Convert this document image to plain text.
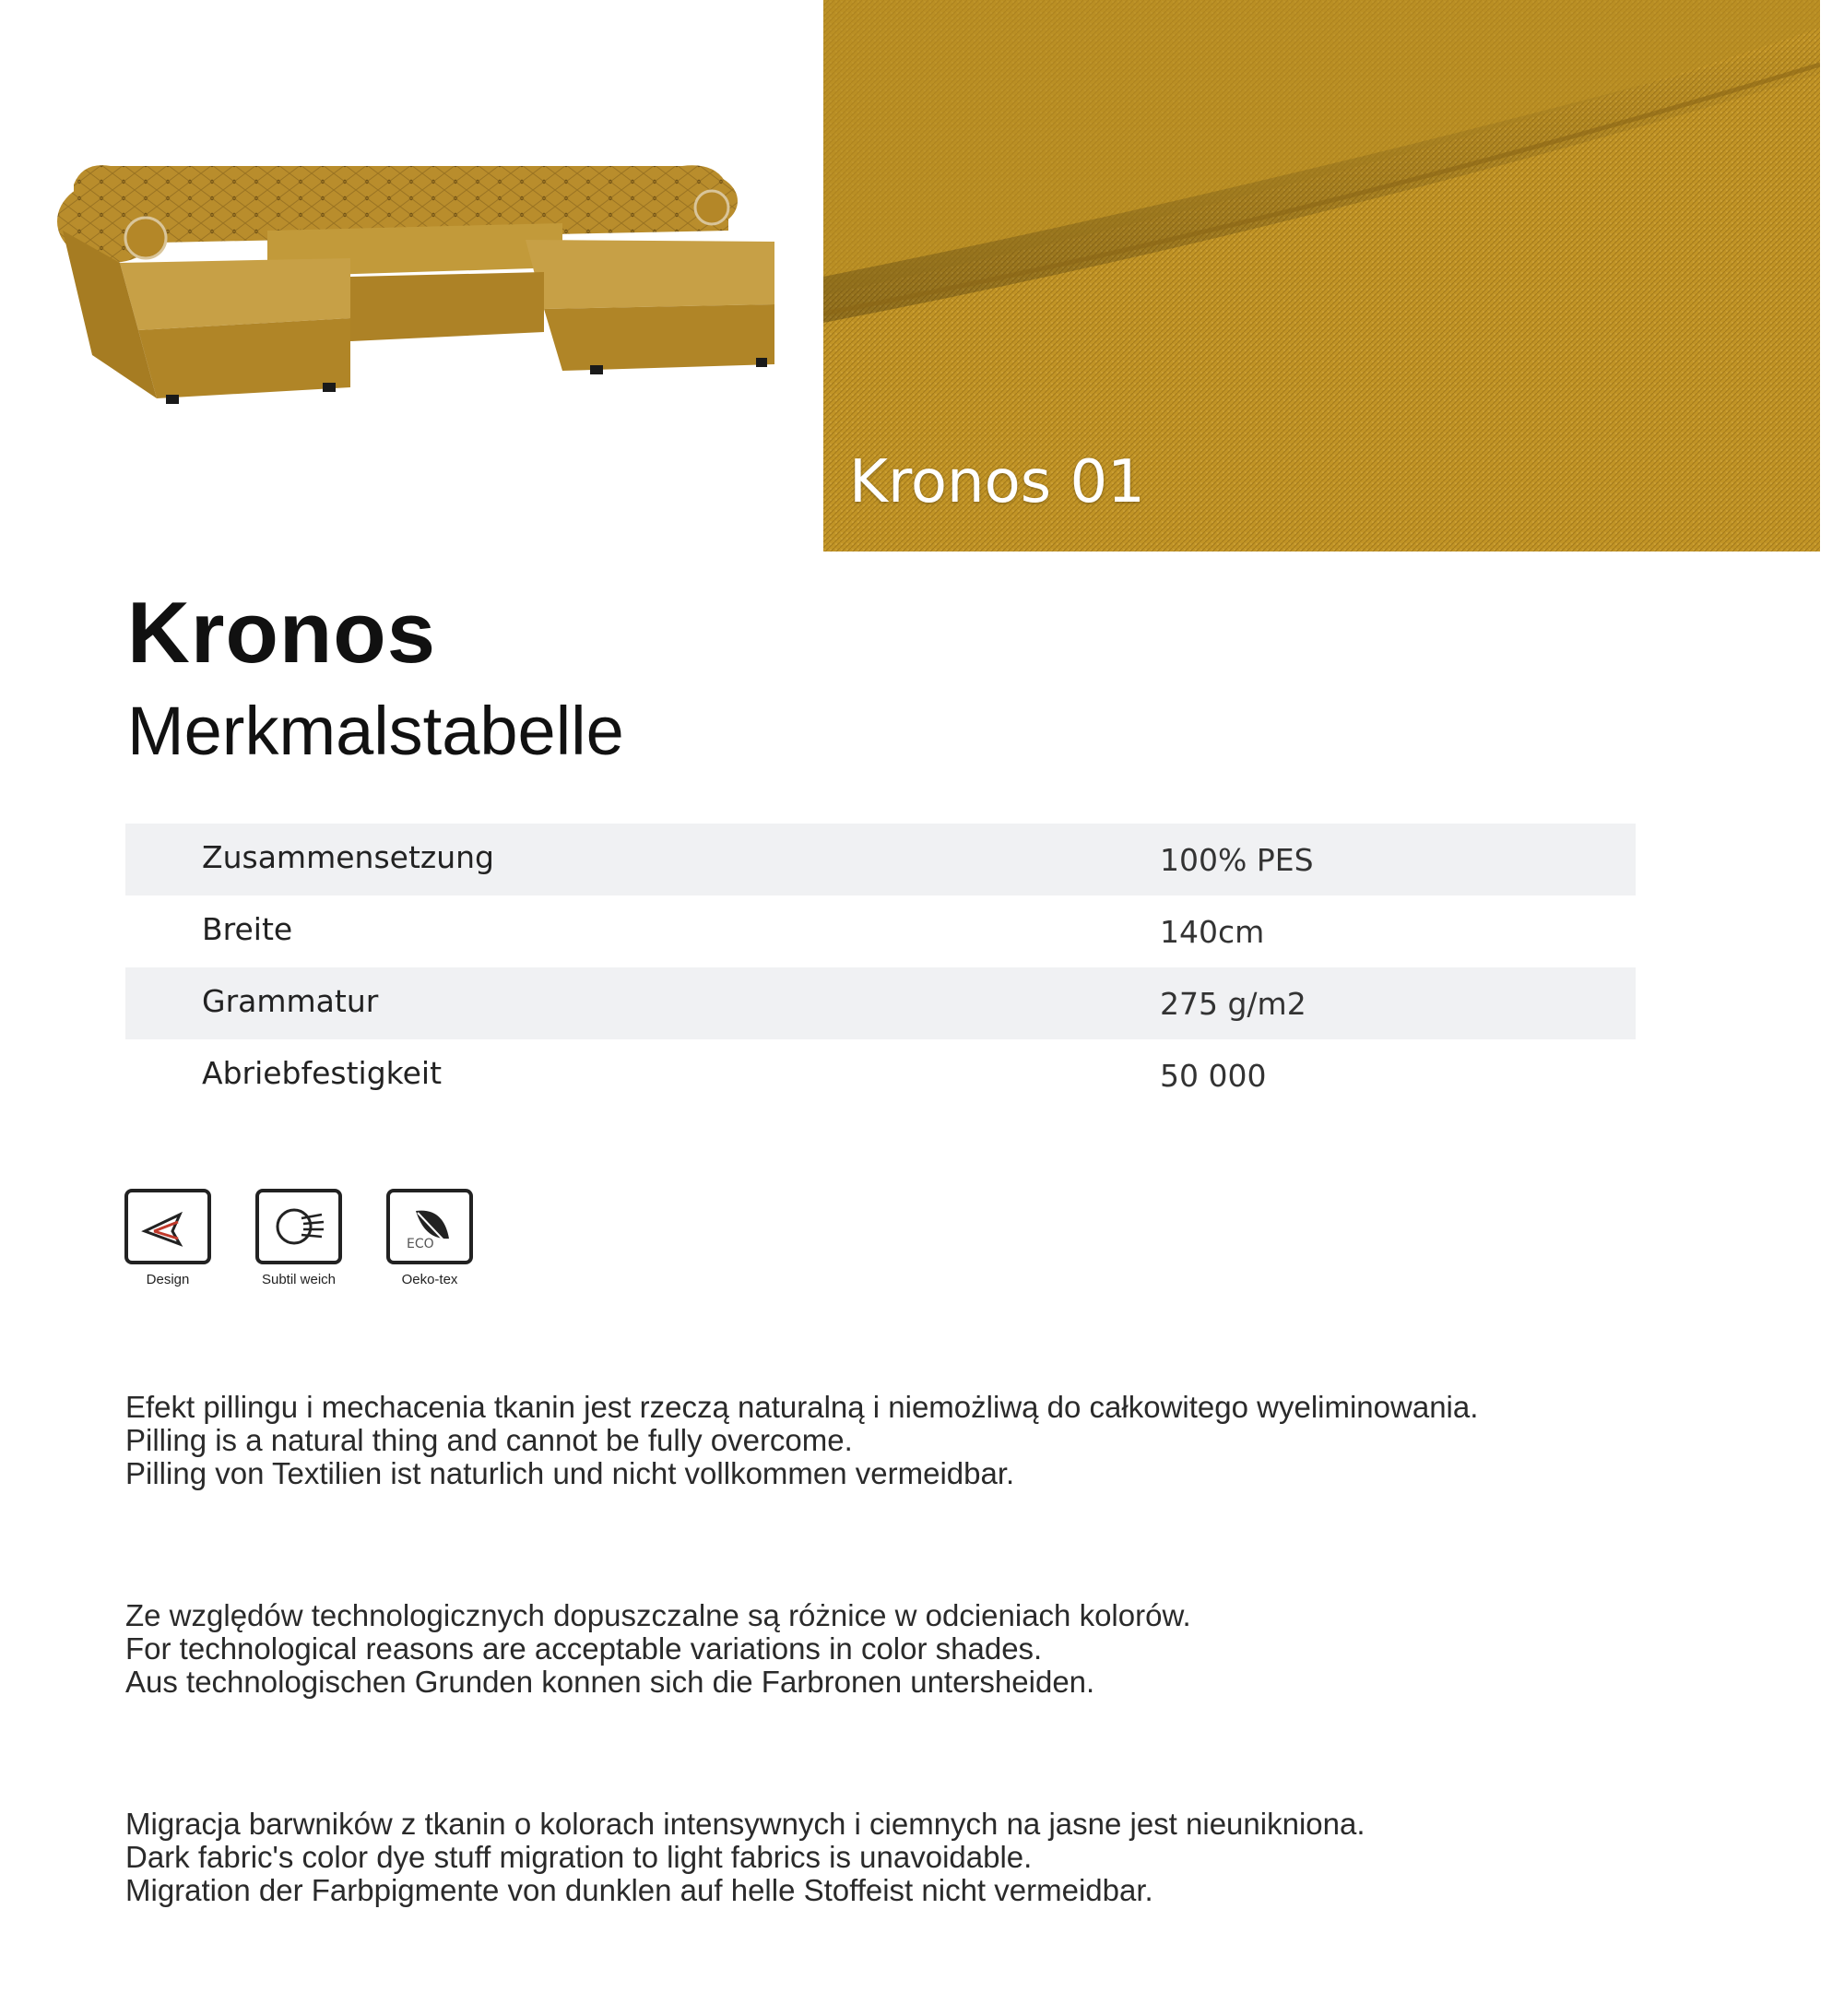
Kronos 01
Kronos
Merkmalstabelle
Zusammensetzung	100% PES
Breite	140cm
Grammatur	275 g/m2
Abriebfestigkeit	50 000
Design	Subtil weich
ECO
Oeko-tex
Efekt pillingu i mechacenia tkanin jest rzeczą naturalną i niemożliwą do całkowitego wyeliminowania.
Pilling is a natural thing and cannot be fully overcome.
Pilling von Textilien ist naturlich und nicht vollkommen vermeidbar.
Ze względów technologicznych dopuszczalne są różnice w odcieniach kolorów.
For technological reasons are acceptable variations in color shades.
Aus technologischen Grunden konnen sich die Farbronen untersheiden.
Migracja barwników z tkanin o kolorach intensywnych i ciemnych na jasne jest nieunikniona.
Dark fabric's color dye stuff migration to light fabrics is unavoidable.
Migration der Farbpigmente von dunklen auf helle Stoffeist nicht vermeidbar.
